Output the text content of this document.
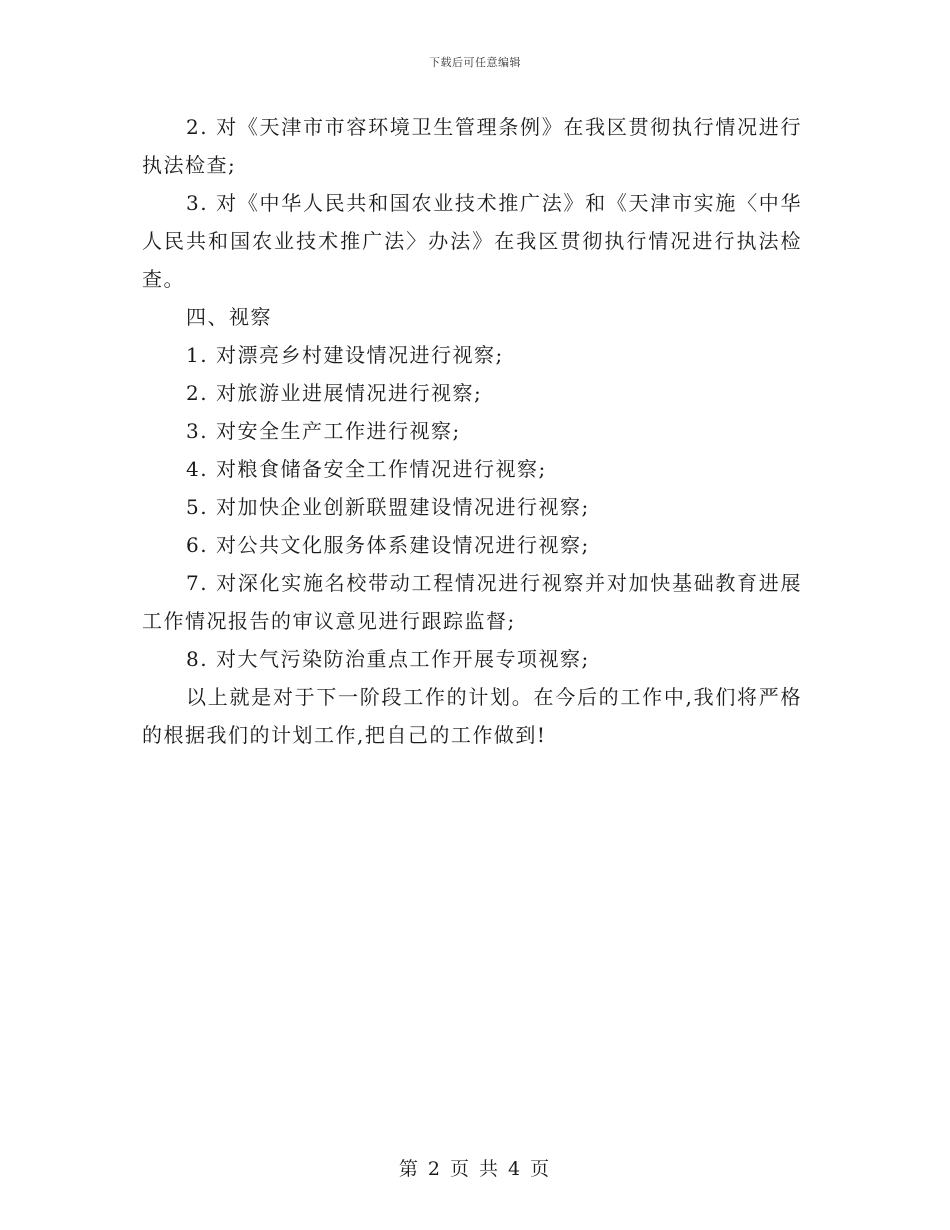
下载后可任意编辑

2. 对《天津市市容环境卫生管理条例》在我区贯彻执行情况进行执法检查;

3. 对《中华人民共和国农业技术推广法》和《天津市实施〈中华人民共和国农业技术推广法〉办法》在我区贯彻执行情况进行执法检查。

四、视察

1. 对漂亮乡村建设情况进行视察;

2. 对旅游业进展情况进行视察;

3. 对安全生产工作进行视察;

4. 对粮食储备安全工作情况进行视察;

5. 对加快企业创新联盟建设情况进行视察;

6. 对公共文化服务体系建设情况进行视察;

7. 对深化实施名校带动工程情况进行视察并对加快基础教育进展工作情况报告的审议意见进行跟踪监督;

8. 对大气污染防治重点工作开展专项视察;

以上就是对于下一阶段工作的计划。在今后的工作中,我们将严格的根据我们的计划工作,把自己的工作做到!

第 2 页 共 4 页
